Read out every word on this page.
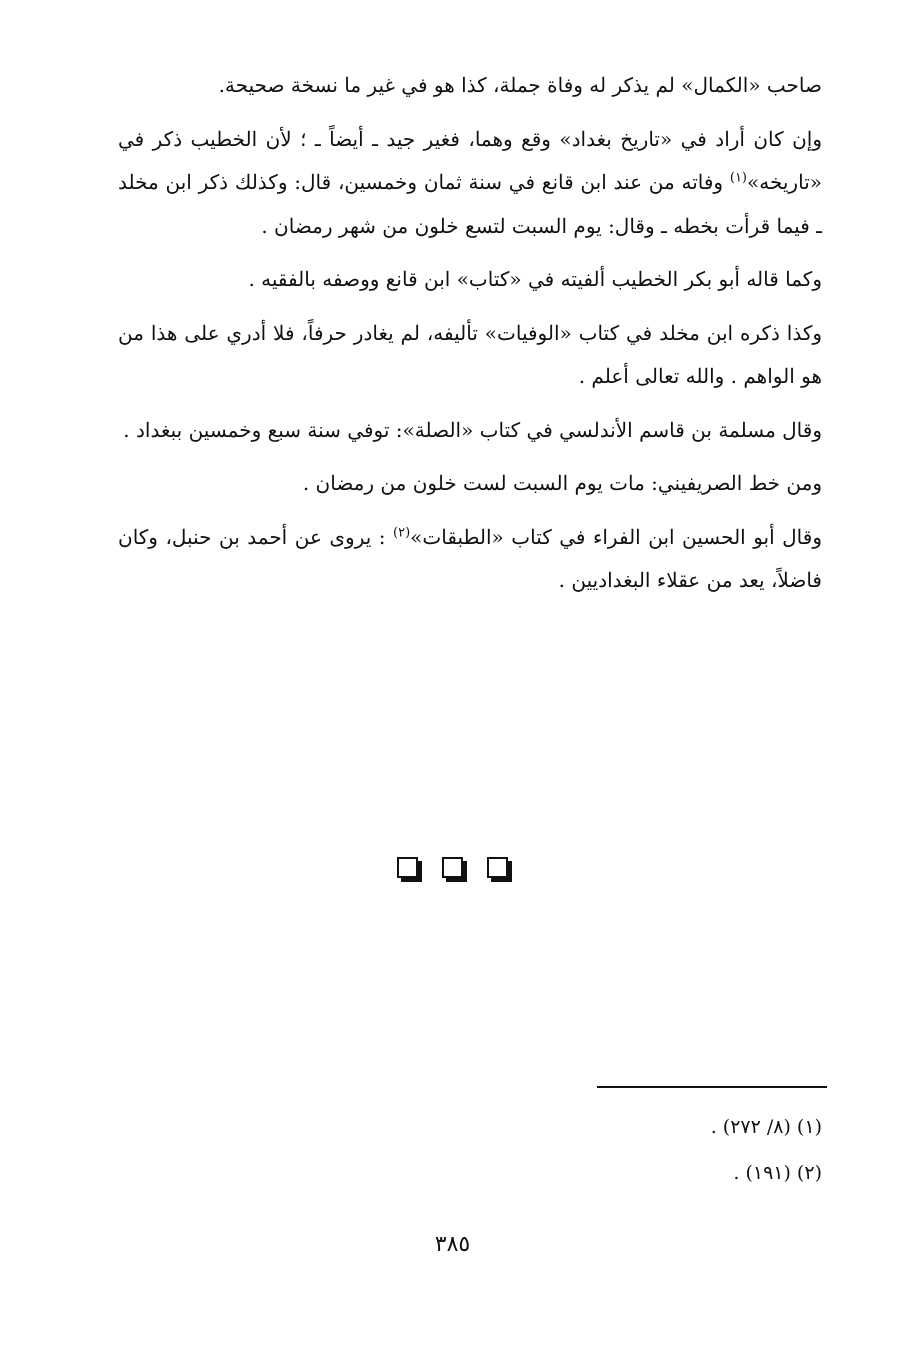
صاحب «الكمال» لم يذكر له وفاة جملة، كذا هو في غير ما نسخة صحيحة.

وإن كان أراد في «تاريخ بغداد» وقع وهما، فغير جيد ـ أيضاً ـ ؛ لأن الخطيب ذكر في «تاريخه»$^{(١)}$ وفاته من عند ابن قانع في سنة ثمان وخمسين، قال: وكذلك ذكر ابن مخلد ـ فيما قرأت بخطه ـ وقال: يوم السبت لتسع خلون من شهر رمضان .

وكما قاله أبو بكر الخطيب ألفيته في «كتاب» ابن قانع ووصفه بالفقيه .

وكذا ذكره ابن مخلد في كتاب «الوفيات» تأليفه، لم يغادر حرفاً، فلا أدري على هذا من هو الواهم . والله تعالى أعلم .

وقال مسلمة بن قاسم الأندلسي في كتاب «الصلة»: توفي سنة سبع وخمسين ببغداد .

ومن خط الصريفيني: مات يوم السبت لست خلون من رمضان .

وقال أبو الحسين ابن الفراء في كتاب «الطبقات»$^{(٢)}$ : يروى عن أحمد بن حنبل، وكان فاضلاً، يعد من عقلاء البغداديين .

(١) (٨/ ٢٧٢) .

(٢) (١٩١) .

٣٨٥
